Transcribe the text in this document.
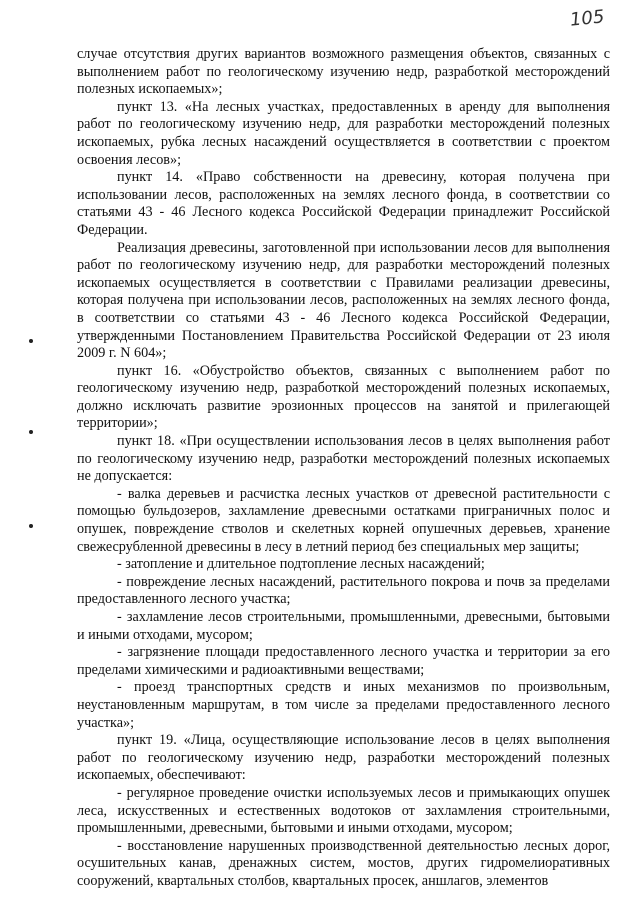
105

случае отсутствия других вариантов возможного размещения объектов, связанных с выполнением работ по геологическому изучению недр, разработкой месторождений полезных ископаемых»;

пункт 13. «На лесных участках, предоставленных в аренду для выполнения работ по геологическому изучению недр, для разработки месторождений полезных ископаемых, рубка лесных насаждений осуществляется в соответствии с проектом освоения лесов»;

пункт 14. «Право собственности на древесину, которая получена при использовании лесов, расположенных на землях лесного фонда, в соответствии со статьями 43 - 46 Лесного кодекса Российской Федерации принадлежит Российской Федерации.

Реализация древесины, заготовленной при использовании лесов для выполнения работ по геологическому изучению недр, для разработки месторождений полезных ископаемых осуществляется в соответствии с Правилами реализации древесины, которая получена при использовании лесов, расположенных на землях лесного фонда, в соответствии со статьями 43 - 46 Лесного кодекса Российской Федерации, утвержденными Постановлением Правительства Российской Федерации от 23 июля 2009 г. N 604»;

пункт 16. «Обустройство объектов, связанных с выполнением работ по геологическому изучению недр, разработкой месторождений полезных ископаемых, должно исключать развитие эрозионных процессов на занятой и прилегающей территории»;

пункт 18. «При осуществлении использования лесов в целях выполнения работ по геологическому изучению недр, разработки месторождений полезных ископаемых не допускается:

- валка деревьев и расчистка лесных участков от древесной растительности с помощью бульдозеров, захламление древесными остатками приграничных полос и опушек, повреждение стволов и скелетных корней опушечных деревьев, хранение свежесрубленной древесины в лесу в летний период без специальных мер защиты;

- затопление и длительное подтопление лесных насаждений;

- повреждение лесных насаждений, растительного покрова и почв за пределами предоставленного лесного участка;

- захламление лесов строительными, промышленными, древесными, бытовыми и иными отходами, мусором;

- загрязнение площади предоставленного лесного участка и территории за его пределами химическими и радиоактивными веществами;

- проезд транспортных средств и иных механизмов по произвольным, неустановленным маршрутам, в том числе за пределами предоставленного лесного участка»;

пункт 19. «Лица, осуществляющие использование лесов в целях выполнения работ по геологическому изучению недр, разработки месторождений полезных ископаемых, обеспечивают:

- регулярное проведение очистки используемых лесов и примыкающих опушек леса, искусственных и естественных водотоков от захламления строительными, промышленными, древесными, бытовыми и иными отходами, мусором;

- восстановление нарушенных производственной деятельностью лесных дорог, осушительных канав, дренажных систем, мостов, других гидромелиоративных сооружений, квартальных столбов, квартальных просек, аншлагов, элементов
